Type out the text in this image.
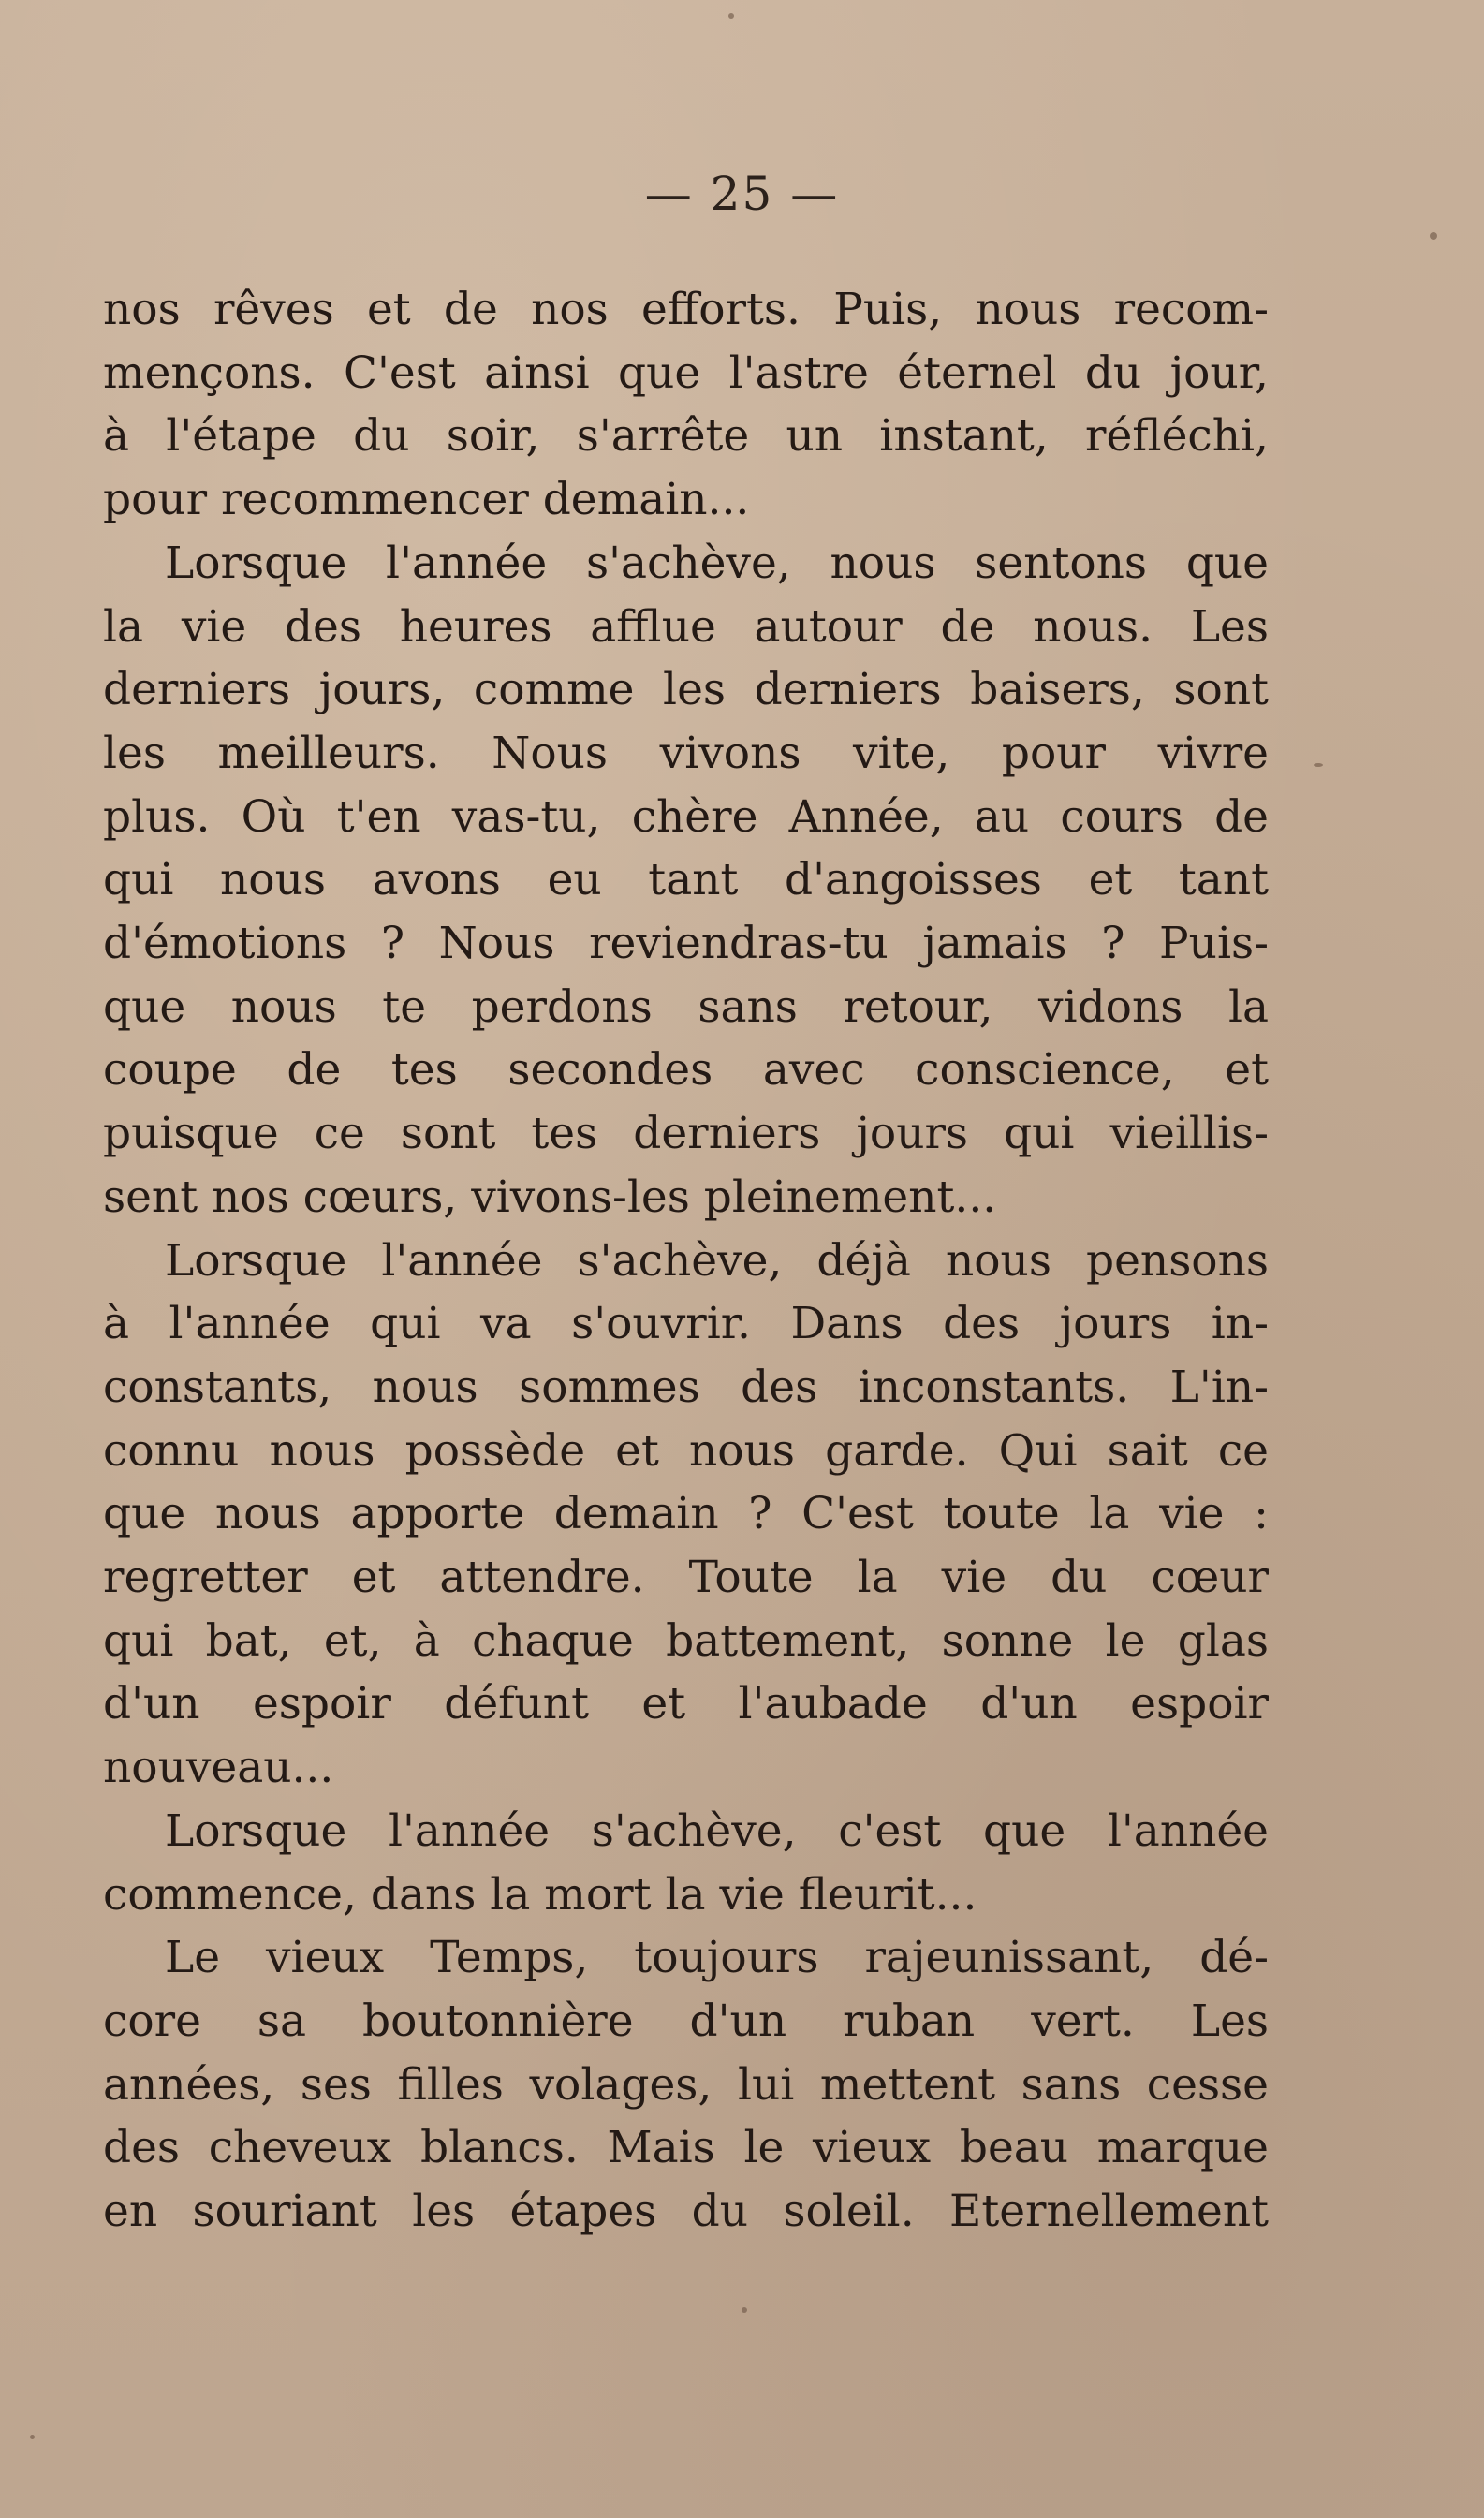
— 25 —
nos rêves et de nos efforts. Puis, nous recom-
mençons. C'est ainsi que l'astre éternel du jour,
à l'étape du soir, s'arrête un instant, réfléchi,
pour recommencer demain...
Lorsque l'année s'achève, nous sentons que
la vie des heures afflue autour de nous. Les
derniers jours, comme les derniers baisers, sont
les meilleurs. Nous vivons vite, pour vivre
plus. Où t'en vas-tu, chère Année, au cours de
qui nous avons eu tant d'angoisses et tant
d'émotions ? Nous reviendras-tu jamais ? Puis-
que nous te perdons sans retour, vidons la
coupe de tes secondes avec conscience, et
puisque ce sont tes derniers jours qui vieillis-
sent nos cœurs, vivons-les pleinement...
Lorsque l'année s'achève, déjà nous pensons
à l'année qui va s'ouvrir. Dans des jours in-
constants, nous sommes des inconstants. L'in-
connu nous possède et nous garde. Qui sait ce
que nous apporte demain ? C'est toute la vie :
regretter et attendre. Toute la vie du cœur
qui bat, et, à chaque battement, sonne le glas
d'un espoir défunt et l'aubade d'un espoir
nouveau...
Lorsque l'année s'achève, c'est que l'année
commence, dans la mort la vie fleurit...
Le vieux Temps, toujours rajeunissant, dé-
core sa boutonnière d'un ruban vert. Les
années, ses filles volages, lui mettent sans cesse
des cheveux blancs. Mais le vieux beau marque
en souriant les étapes du soleil. Eternellement
